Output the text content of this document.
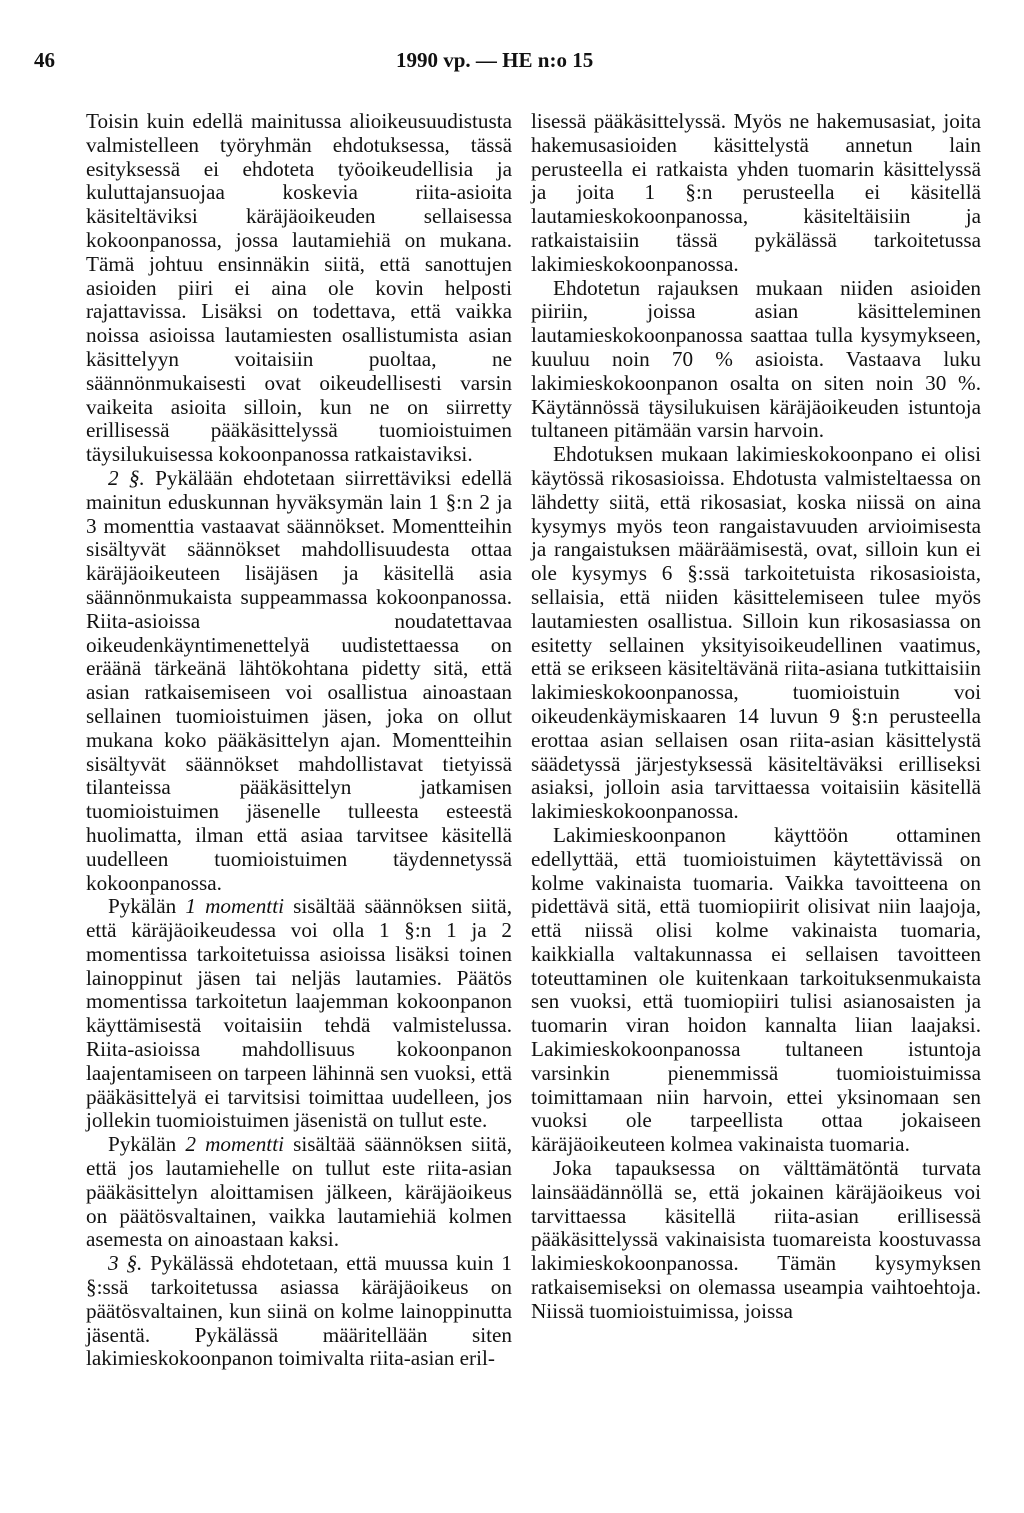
46	1990 vp. — HE n:o 15

Toisin kuin edellä mainitussa alioikeusuudistusta valmistelleen työryhmän ehdotuksessa, tässä esityksessä ei ehdoteta työoikeudellisia ja kuluttajansuojaa koskevia riita-asioita käsiteltäviksi käräjäoikeuden sellaisessa kokoonpanossa, jossa lautamiehiä on mukana. Tämä johtuu ensinnäkin siitä, että sanottujen asioiden piiri ei aina ole kovin helposti rajattavissa. Lisäksi on todettava, että vaikka noissa asioissa lautamiesten osallistumista asian käsittelyyn voitaisiin puoltaa, ne säännönmukaisesti ovat oikeudellisesti varsin vaikeita asioita silloin, kun ne on siirretty erillisessä pääkäsittelyssä tuomioistuimen täysilukuisessa kokoonpanossa ratkaistaviksi.

2 §. Pykälään ehdotetaan siirrettäviksi edellä mainitun eduskunnan hyväksymän lain 1 §:n 2 ja 3 momenttia vastaavat säännökset. Momentteihin sisältyvät säännökset mahdollisuudesta ottaa käräjäoikeuteen lisäjäsen ja käsitellä asia säännönmukaista suppeammassa kokoonpanossa. Riita-asioissa noudatettavaa oikeudenkäyntimenettelyä uudistettaessa on eräänä tärkeänä lähtökohtana pidetty sitä, että asian ratkaisemiseen voi osallistua ainoastaan sellainen tuomioistuimen jäsen, joka on ollut mukana koko pääkäsittelyn ajan. Momentteihin sisältyvät säännökset mahdollistavat tietyissä tilanteissa pääkäsittelyn jatkamisen tuomioistuimen jäsenelle tulleesta esteestä huolimatta, ilman että asiaa tarvitsee käsitellä uudelleen tuomioistuimen täydennetyssä kokoonpanossa.

Pykälän 1 momentti sisältää säännöksen siitä, että käräjäoikeudessa voi olla 1 §:n 1 ja 2 momentissa tarkoitetuissa asioissa lisäksi toinen lainoppinut jäsen tai neljäs lautamies. Päätös momentissa tarkoitetun laajemman kokoonpanon käyttämisestä voitaisiin tehdä valmistelussa. Riita-asioissa mahdollisuus kokoonpanon laajentamiseen on tarpeen lähinnä sen vuoksi, että pääkäsittelyä ei tarvitsisi toimittaa uudelleen, jos jollekin tuomioistuimen jäsenistä on tullut este.

Pykälän 2 momentti sisältää säännöksen siitä, että jos lautamiehelle on tullut este riita-asian pääkäsittelyn aloittamisen jälkeen, käräjäoikeus on päätösvaltainen, vaikka lautamiehiä kolmen asemesta on ainoastaan kaksi.

3 §. Pykälässä ehdotetaan, että muussa kuin 1 §:ssä tarkoitetussa asiassa käräjäoikeus on päätösvaltainen, kun siinä on kolme lainoppinutta jäsentä. Pykälässä määritellään siten lakimieskokoonpanon toimivalta riita-asian eril-

lisessä pääkäsittelyssä. Myös ne hakemusasiat, joita hakemusasioiden käsittelystä annetun lain perusteella ei ratkaista yhden tuomarin käsittelyssä ja joita 1 §:n perusteella ei käsitellä lautamieskokoonpanossa, käsiteltäisiin ja ratkaistaisiin tässä pykälässä tarkoitetussa lakimieskokoonpanossa.

Ehdotetun rajauksen mukaan niiden asioiden piiriin, joissa asian käsitteleminen lautamieskokoonpanossa saattaa tulla kysymykseen, kuuluu noin 70 % asioista. Vastaava luku lakimieskokoonpanon osalta on siten noin 30 %. Käytännössä täysilukuisen käräjäoikeuden istuntoja tultaneen pitämään varsin harvoin.

Ehdotuksen mukaan lakimieskokoonpano ei olisi käytössä rikosasioissa. Ehdotusta valmisteltaessa on lähdetty siitä, että rikosasiat, koska niissä on aina kysymys myös teon rangaistavuuden arvioimisesta ja rangaistuksen määräämisestä, ovat, silloin kun ei ole kysymys 6 §:ssä tarkoitetuista rikosasioista, sellaisia, että niiden käsittelemiseen tulee myös lautamiesten osallistua. Silloin kun rikosasiassa on esitetty sellainen yksityisoikeudellinen vaatimus, että se erikseen käsiteltävänä riita-asiana tutkittaisiin lakimieskokoonpanossa, tuomioistuin voi oikeudenkäymiskaaren 14 luvun 9 §:n perusteella erottaa asian sellaisen osan riita-asian käsittelystä säädetyssä järjestyksessä käsiteltäväksi erilliseksi asiaksi, jolloin asia tarvittaessa voitaisiin käsitellä lakimieskokoonpanossa.

Lakimieskoonpanon käyttöön ottaminen edellyttää, että tuomioistuimen käytettävissä on kolme vakinaista tuomaria. Vaikka tavoitteena on pidettävä sitä, että tuomiopiirit olisivat niin laajoja, että niissä olisi kolme vakinaista tuomaria, kaikkialla valtakunnassa ei sellaisen tavoitteen toteuttaminen ole kuitenkaan tarkoituksenmukaista sen vuoksi, että tuomiopiiri tulisi asianosaisten ja tuomarin viran hoidon kannalta liian laajaksi. Lakimieskokoonpanossa tultaneen istuntoja varsinkin pienemmissä tuomioistuimissa toimittamaan niin harvoin, ettei yksinomaan sen vuoksi ole tarpeellista ottaa jokaiseen käräjäoikeuteen kolmea vakinaista tuomaria.

Joka tapauksessa on välttämätöntä turvata lainsäädännöllä se, että jokainen käräjäoikeus voi tarvittaessa käsitellä riita-asian erillisessä pääkäsittelyssä vakinaisista tuomareista koostuvassa lakimieskokoonpanossa. Tämän kysymyksen ratkaisemiseksi on olemassa useampia vaihtoehtoja. Niissä tuomioistuimissa, joissa
